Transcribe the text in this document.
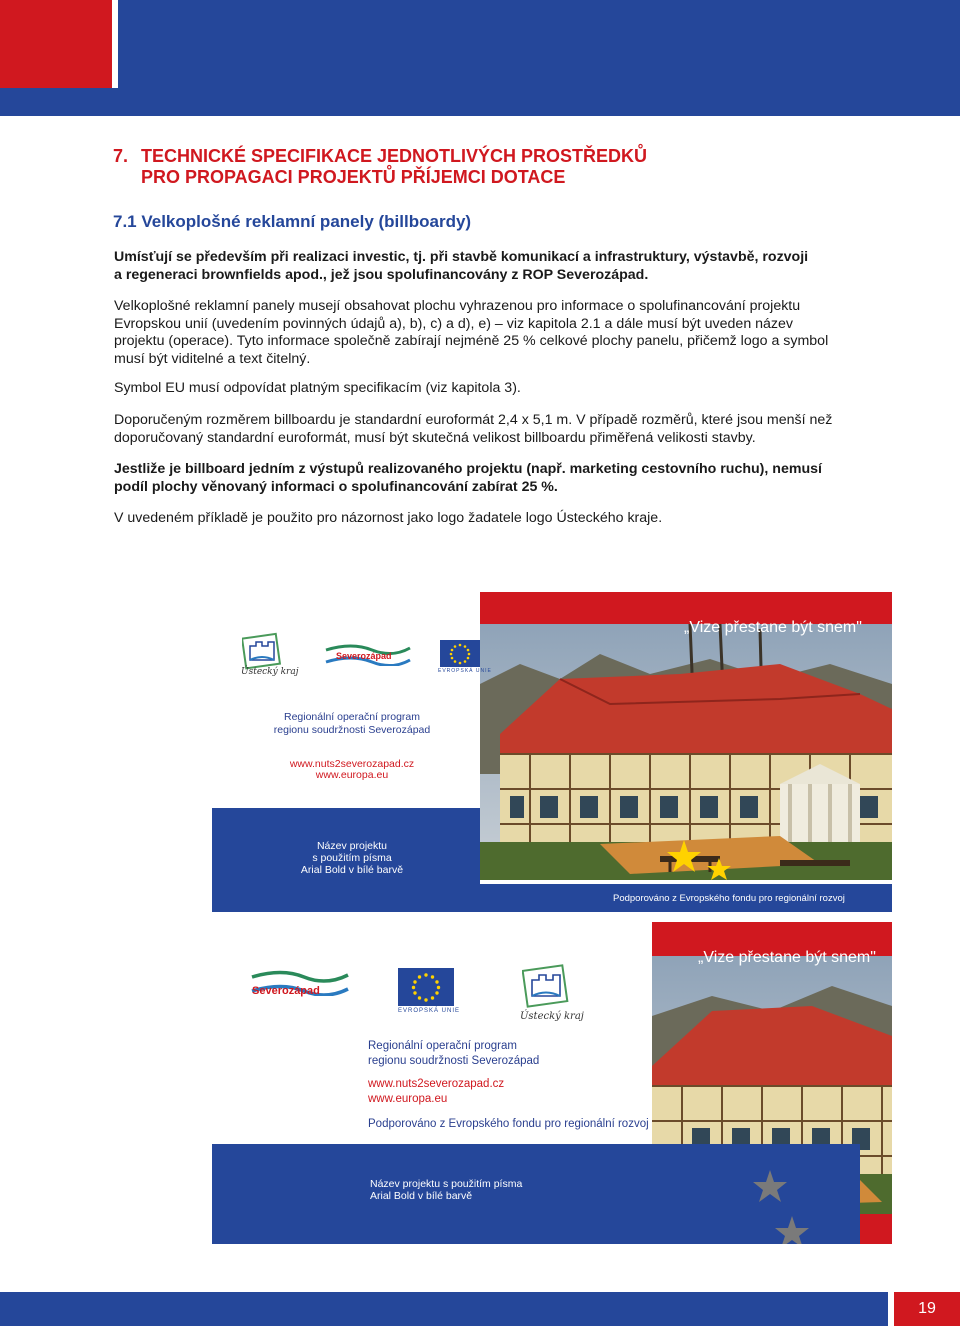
7. TECHNICKÉ SPECIFIKACE JEDNOTLIVÝCH PROSTŘEDKŮ
PRO PROPAGACI PROJEKTŮ PŘÍJEMCI DOTACE
7.1 Velkoplošné reklamní panely (billboardy)
Umísťují se především při realizaci investic, tj. při stavbě komunikací a infrastruktury, výstavbě, rozvoji
a regeneraci brownfields apod., jež jsou spolufinancovány z ROP Severozápad.
Velkoplošné reklamní panely musejí obsahovat plochu vyhrazenou pro informace o spolufinancování projektu
Evropskou unií (uvedením povinných údajů a), b), c) a d), e) – viz kapitola 2.1 a dále musí být uveden název
projektu (operace). Tyto informace společně zabírají nejméně 25 % celkové plochy panelu, přičemž logo a symbol
musí být viditelné a text čitelný.
Symbol EU musí odpovídat platným specifikacím (viz kapitola 3).
Doporučeným rozměrem billboardu je standardní euroformát 2,4 x 5,1 m. V případě rozměrů, které jsou menší než
doporučovaný standardní euroformát, musí být skutečná velikost billboardu přiměřená velikosti stavby.
Jestliže je billboard jedním z výstupů realizovaného projektu (např. marketing cestovního ruchu), nemusí
podíl plochy věnovaný informaci o spolufinancování zabírat 25 %.
V uvedeném příkladě je použito pro názornost jako logo žadatele logo Ústeckého kraje.
„Vize přestane být snem"
Ústecký kraj
Severozápad
EVROPSKÁ UNIE
Regionální operační program
regionu soudržnosti Severozápad
www.nuts2severozapad.cz
www.europa.eu
Název projektu
s použitím písma
Arial Bold v bílé barvě
Podporováno z Evropského fondu pro regionální rozvoj
„Vize přestane být snem"
Severozápad
EVROPSKÁ UNIE	Ústecký kraj
Regionální operační program
regionu soudržnosti Severozápad
www.nuts2severozapad.cz
www.europa.eu
Podporováno z Evropského fondu pro regionální rozvoj
Název projektu s použitím písma
Arial Bold v bílé barvě
19
